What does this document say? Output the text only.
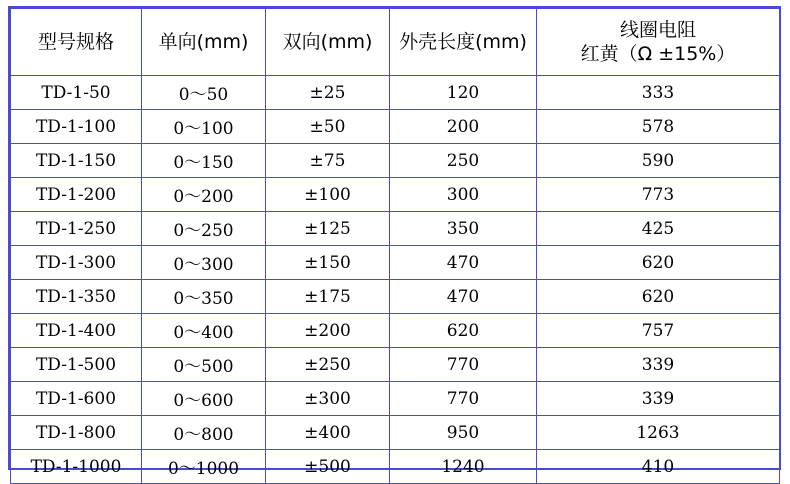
型号规格	单向(mm)	双向(mm)	外壳长度(mm)	线圈电阻
红黄（Ω ±15%）

TD-1-50	0～50	±25	120	333
TD-1-100	0～100	±50	200	578
TD-1-150	0～150	±75	250	590
TD-1-200	0～200	±100	300	773
TD-1-250	0～250	±125	350	425
TD-1-300	0～300	±150	470	620
TD-1-350	0～350	±175	470	620
TD-1-400	0～400	±200	620	757
TD-1-500	0～500	±250	770	339
TD-1-600	0～600	±300	770	339
TD-1-800	0～800	±400	950	1263
TD-1-1000	0～1000	±500	1240	410
